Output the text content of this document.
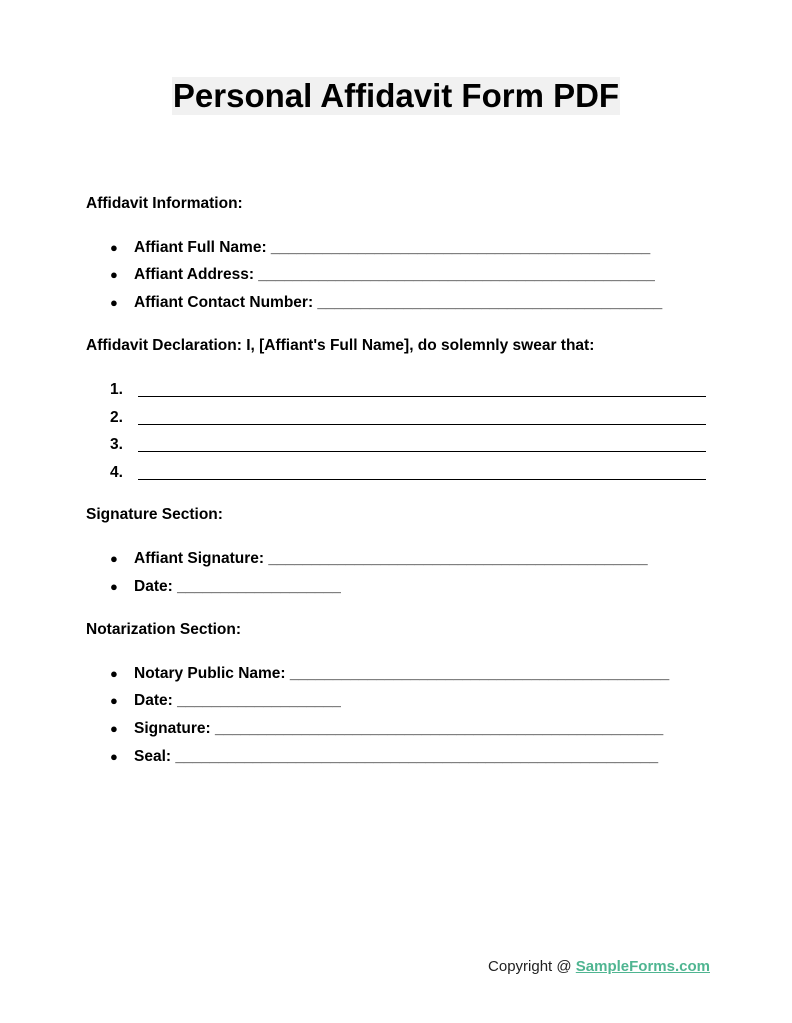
Personal Affidavit Form PDF
Affidavit Information:
● Affiant Full Name: ____________________________________________
● Affiant Address: ______________________________________________
● Affiant Contact Number: ________________________________________
Affidavit Declaration: I, [Affiant's Full Name], do solemnly swear that:
1.
2.
3.
4.
Signature Section:
● Affiant Signature: ____________________________________________
● Date: ___________________
Notarization Section:
● Notary Public Name: ____________________________________________
● Date: ___________________
● Signature: ____________________________________________________
● Seal: ________________________________________________________
Copyright @ SampleForms.com
